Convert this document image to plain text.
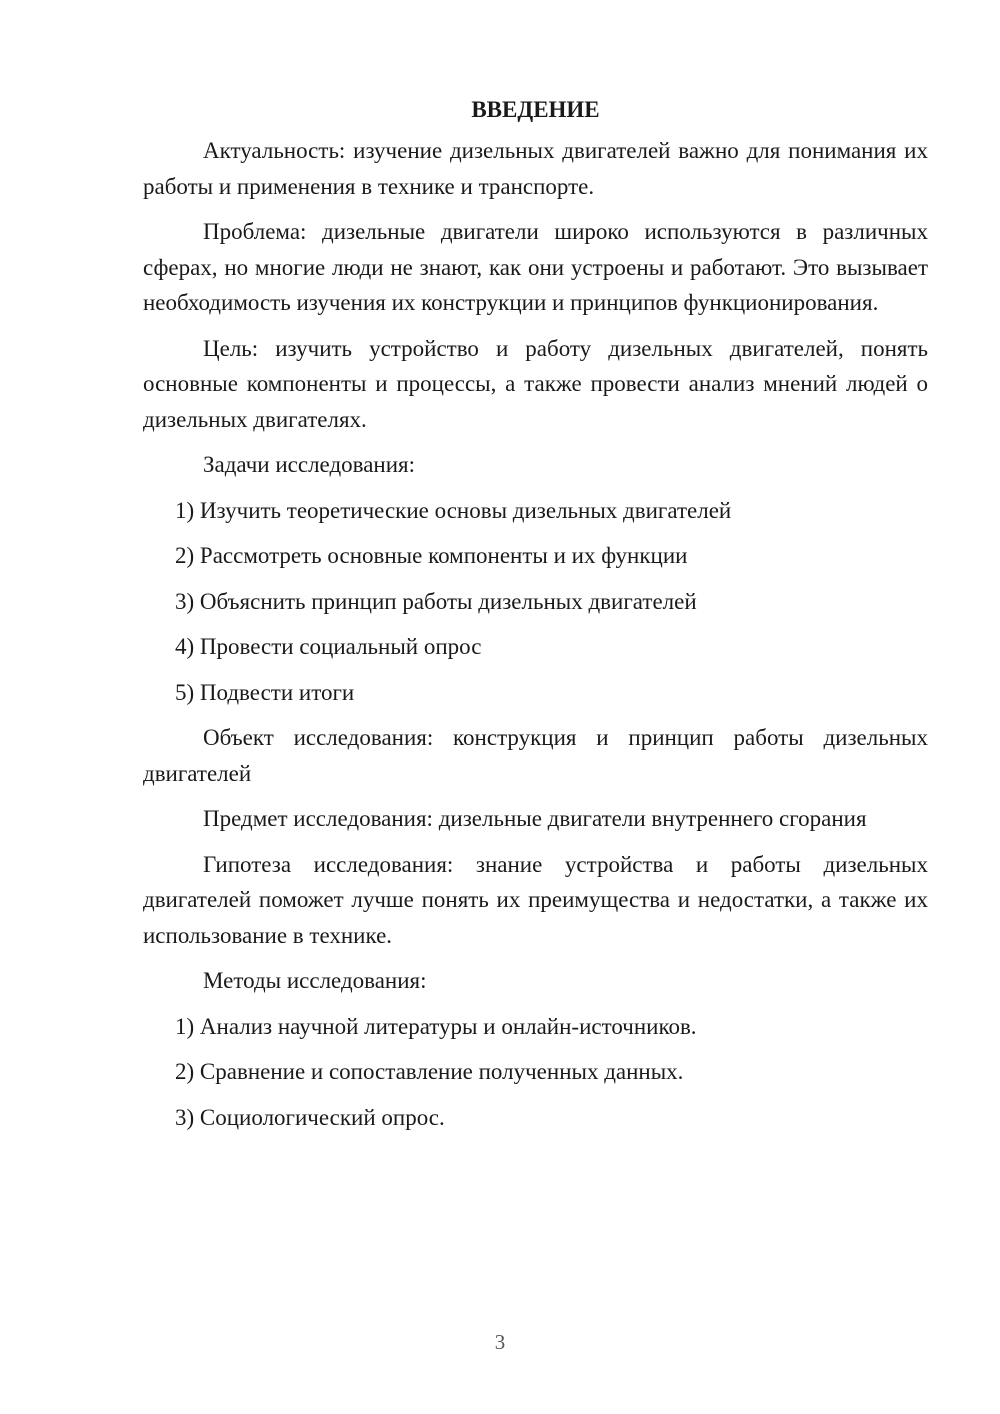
ВВЕДЕНИЕ

Актуальность: изучение дизельных двигателей важно для понимания их работы и применения в технике и транспорте.

Проблема: дизельные двигатели широко используются в различных сферах, но многие люди не знают, как они устроены и работают. Это вызывает необходимость изучения их конструкции и принципов функционирования.

Цель: изучить устройство и работу дизельных двигателей, понять основные компоненты и процессы, а также провести анализ мнений людей о дизельных двигателях.

Задачи исследования:

1) Изучить теоретические основы дизельных двигателей
2) Рассмотреть основные компоненты и их функции
3) Объяснить принцип работы дизельных двигателей
4) Провести социальный опрос
5) Подвести итоги

Объект исследования: конструкция и принцип работы дизельных двигателей

Предмет исследования: дизельные двигатели внутреннего сгорания

Гипотеза исследования: знание устройства и работы дизельных двигателей поможет лучше понять их преимущества и недостатки, а также их использование в технике.

Методы исследования:

1) Анализ научной литературы и онлайн-источников.
2) Сравнение и сопоставление полученных данных.
3) Социологический опрос.
3
